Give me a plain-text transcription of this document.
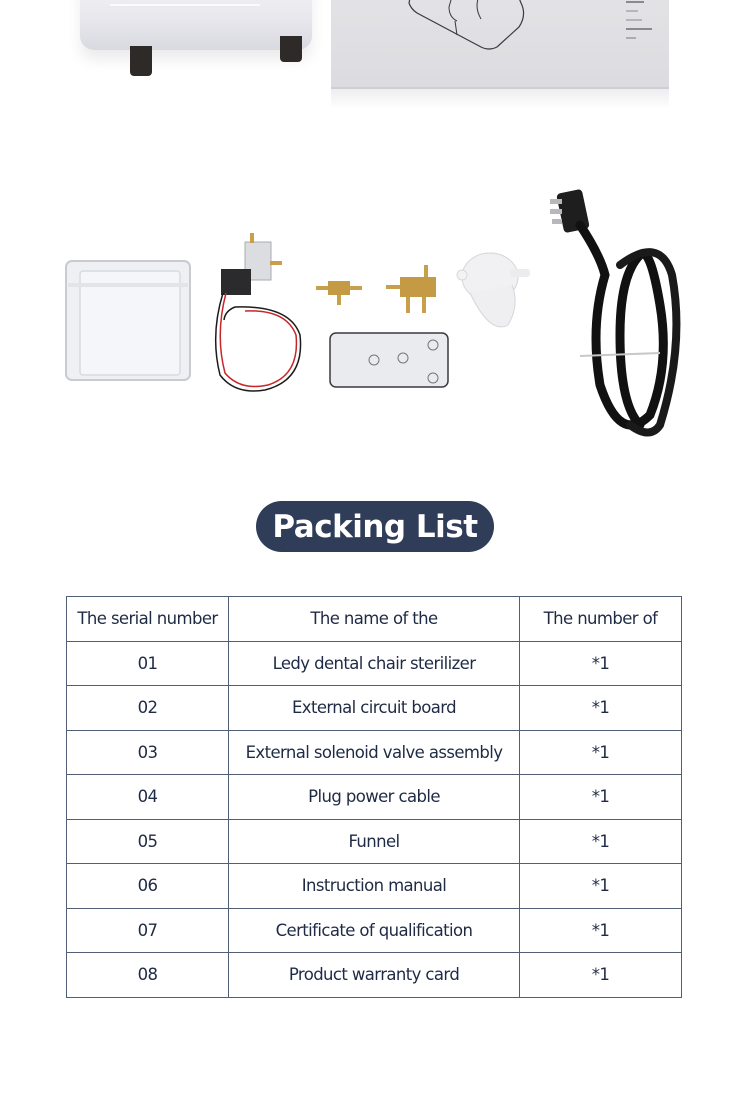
Packing List
The serial number	The name of the	The number of
01	Ledy dental chair sterilizer	*1
02	External circuit board	*1
03	External solenoid valve assembly	*1
04	Plug power cable	*1
05	Funnel	*1
06	Instruction manual	*1
07	Certificate of qualification	*1
08	Product warranty card	*1
